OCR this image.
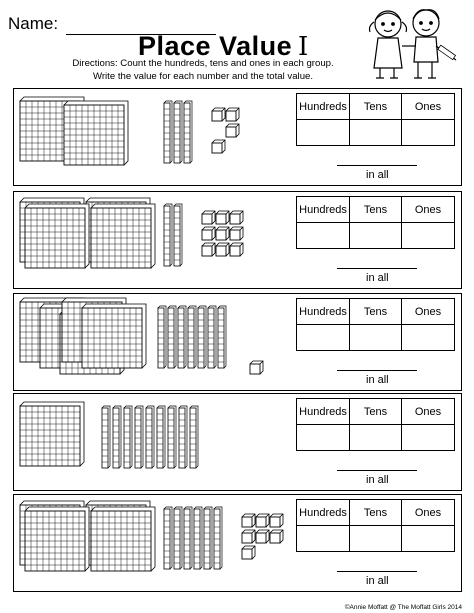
Name:
Place Value I
Directions: Count the hundreds, tens and ones in each group.
Write the value for each number and the total value.
Hundreds	Tens	Ones

in all
Hundreds	Tens	Ones

in all
Hundreds	Tens	Ones

in all
Hundreds	Tens	Ones

in all
Hundreds	Tens	Ones

in all
©Annie Moffatt @ The Moffatt Girls 2014
